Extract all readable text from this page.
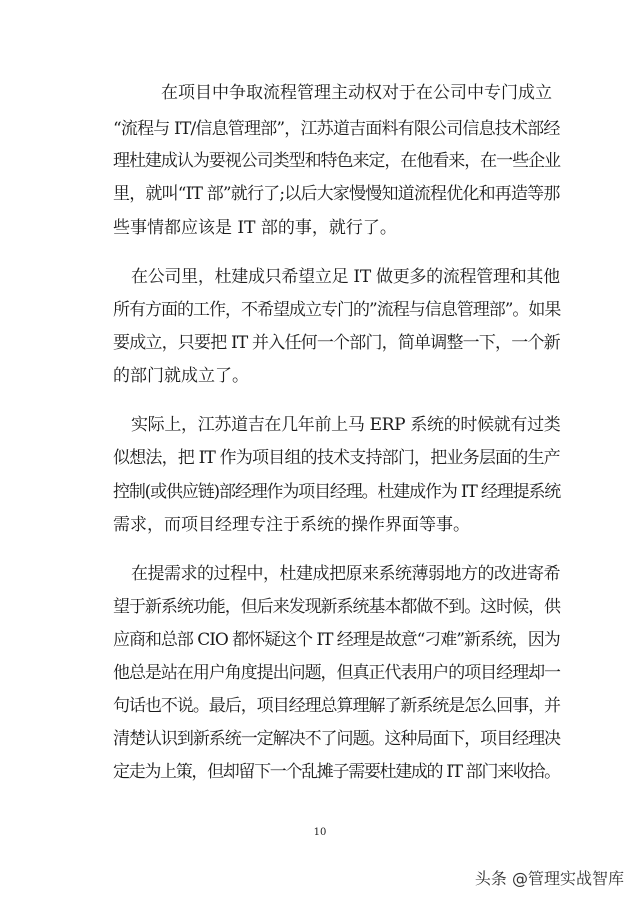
在项目中争取流程管理主动权对于在公司中专门成立
“流程与 IT/信息管理部”，江苏道吉面料有限公司信息技术部经
理杜建成认为要视公司类型和特色来定，在他看来，在一些企业
里，就叫“IT 部”就行了;以后大家慢慢知道流程优化和再造等那
些事情都应该是 IT 部的事，就行了。
在公司里，杜建成只希望立足 IT 做更多的流程管理和其他
所有方面的工作，不希望成立专门的”流程与信息管理部”。如果
要成立，只要把 IT 并入任何一个部门，简单调整一下，一个新
的部门就成立了。
实际上，江苏道吉在几年前上马 ERP 系统的时候就有过类
似想法，把 IT 作为项目组的技术支持部门，把业务层面的生产
控制(或供应链)部经理作为项目经理。杜建成作为 IT 经理提系统
需求，而项目经理专注于系统的操作界面等事。
在提需求的过程中，杜建成把原来系统薄弱地方的改进寄希
望于新系统功能，但后来发现新系统基本都做不到。这时候，供
应商和总部 CIO 都怀疑这个 IT 经理是故意“刁难”新系统，因为
他总是站在用户角度提出问题，但真正代表用户的项目经理却一
句话也不说。最后，项目经理总算理解了新系统是怎么回事，并
清楚认识到新系统一定解决不了问题。这种局面下，项目经理决
定走为上策，但却留下一个乱摊子需要杜建成的 IT 部门来收拾。
10
头条 @管理实战智库
